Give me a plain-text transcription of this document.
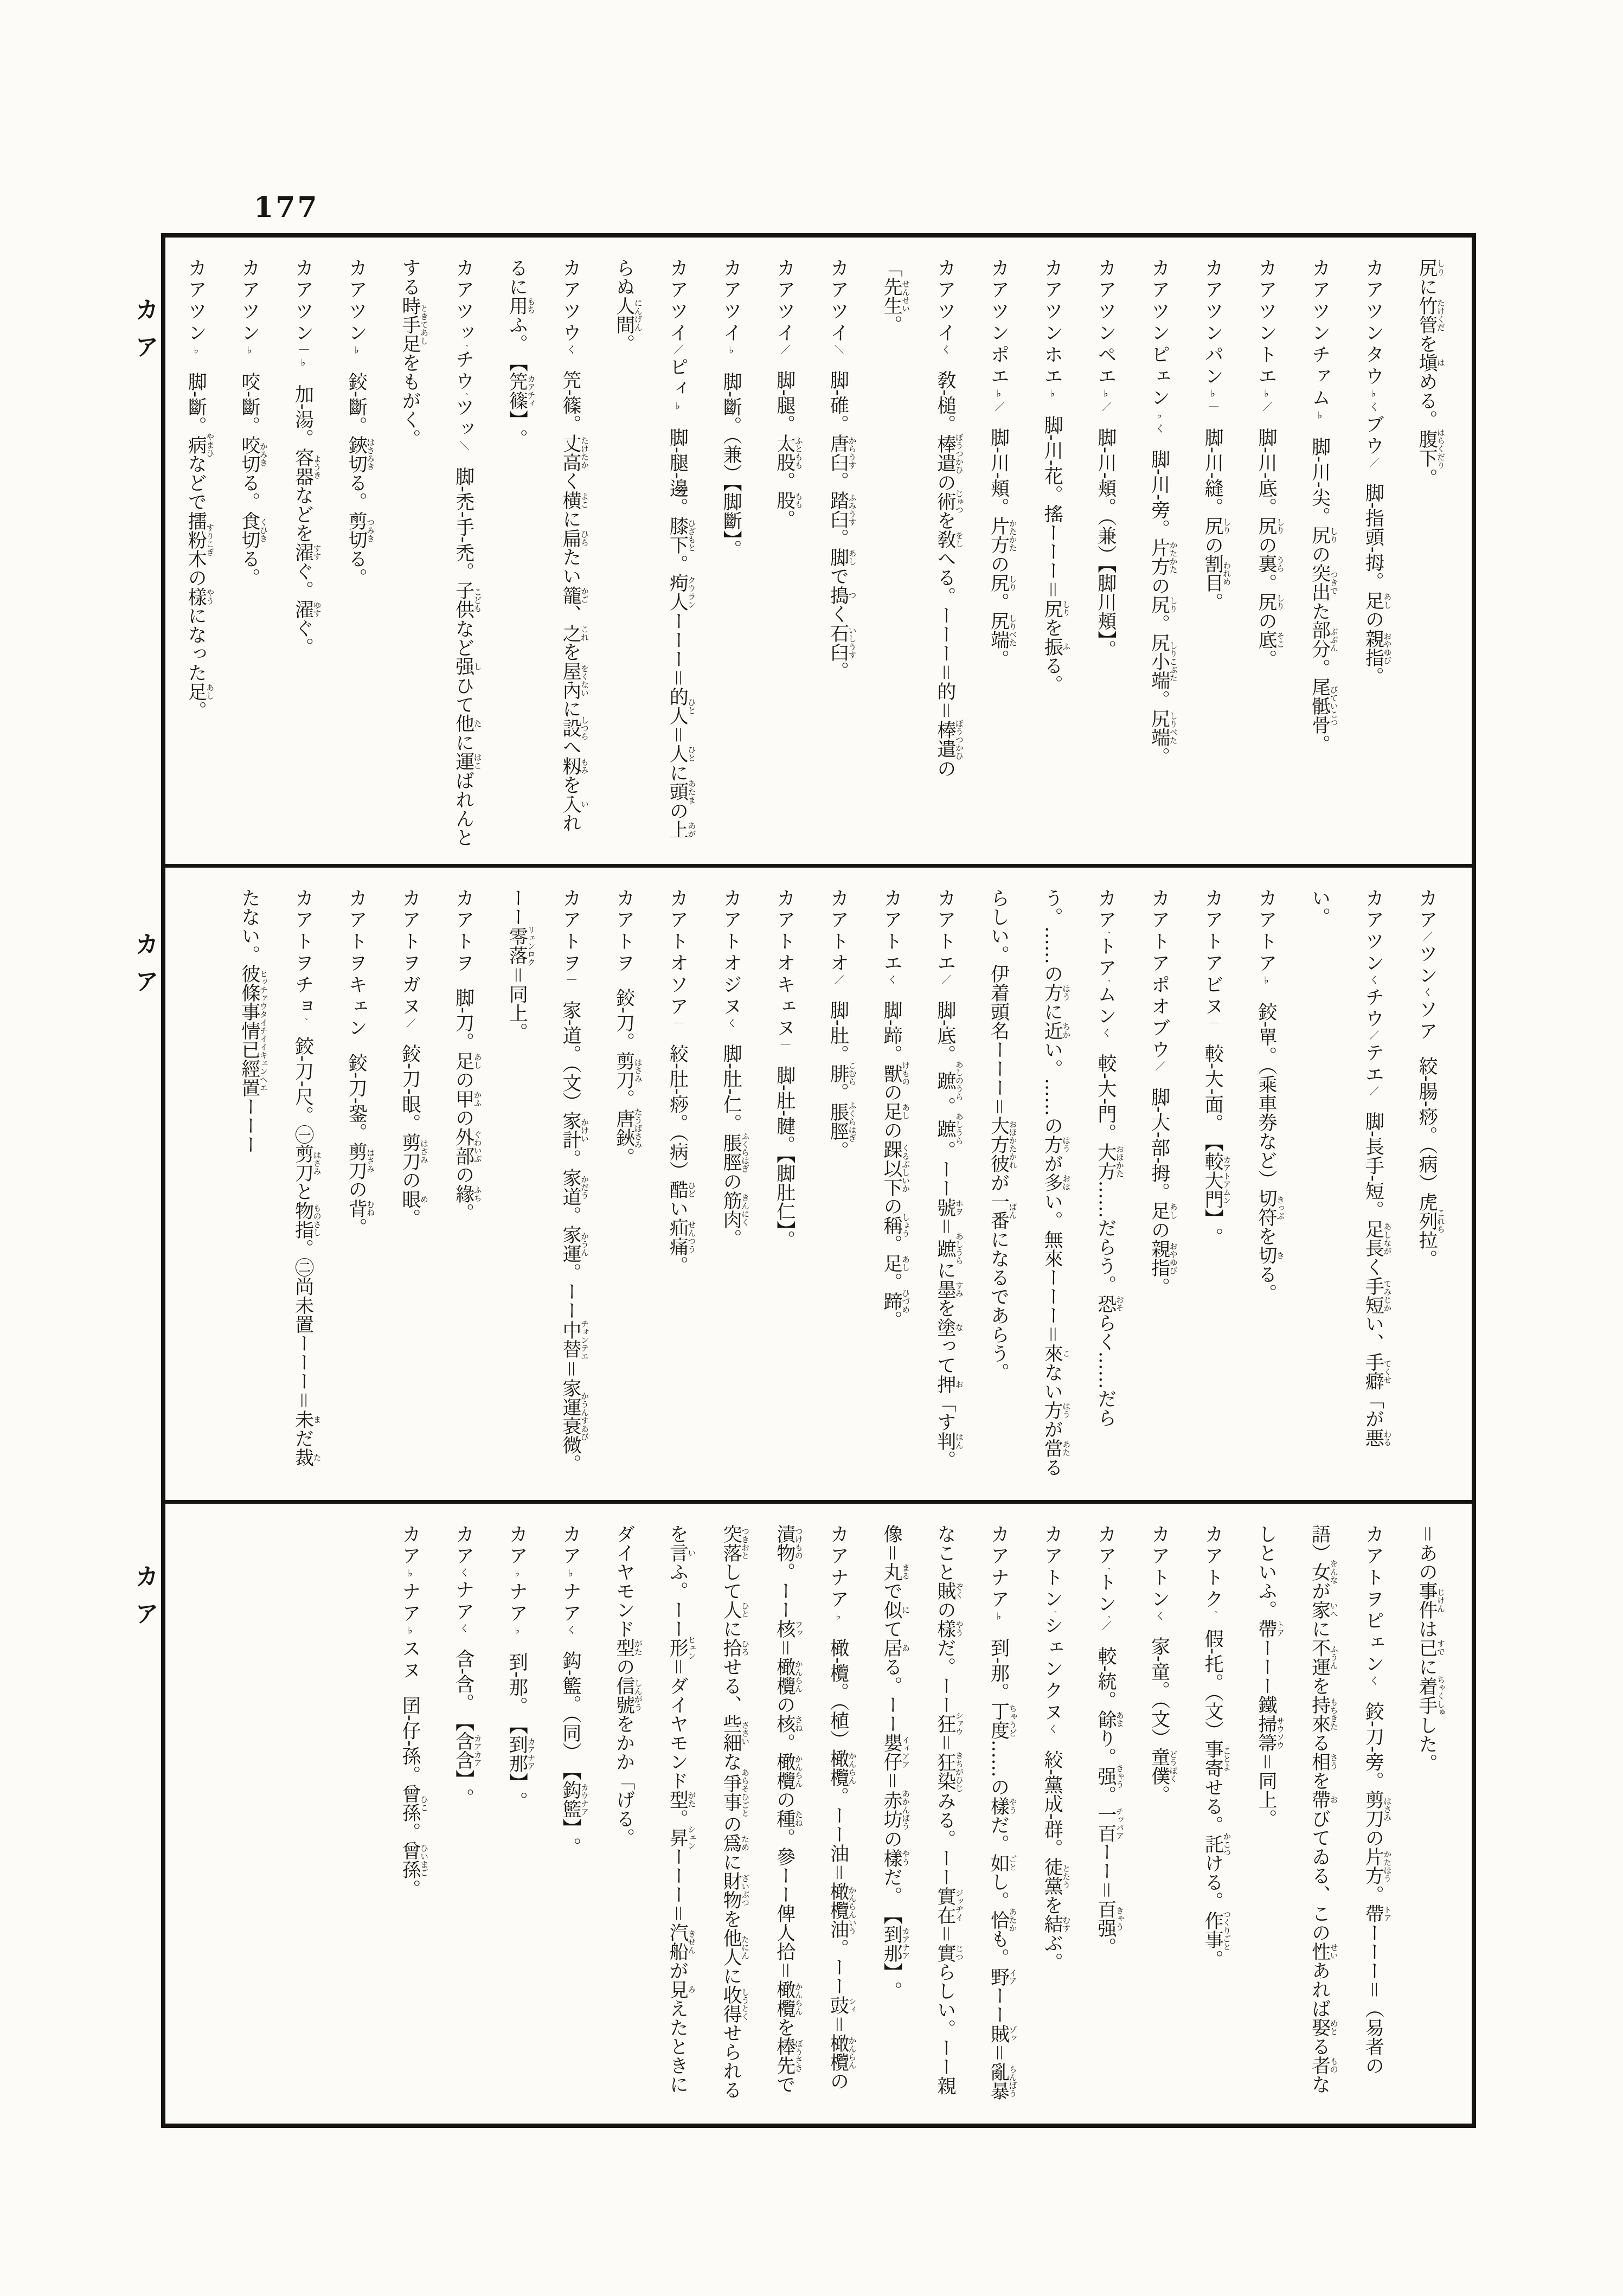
177
カア
カア
カア

尻しりに竹管たけくだを塡はめる。腹下はらくだり。

カアツンタウ♭くブウ／脚-指頭-拇。足あしの親指おやゆび。

カアツンチァム♭脚-川-尖。尻しりの突出つきでた部分ぶぶん。尾骶骨びていこつ。

カアツントエ♭／脚-川-底。尻しりの裏うら。尻しりの底そこ。

カアツンパン♭｜脚-川-縫。尻しりの割目われめ。

カアツンピェン♭く脚-川-旁。片方かたかたの尻しり。尻小端しりこぶた。尻端しりべた。

カアツンペエ♭／脚-川-頬。（兼）【脚川頬】。

カアツンホエ♭脚-川-花。搖ーーー＝尻しりを振ふる。

カアツンポエ♭／脚-川-頬。片方かたかたの尻しり。尻端しりべた。

カアツイく敎-槌。棒遣ぼうつかひの術じゅつを敎をしへる。ーーー＝的＝棒遣ぼうつかひの「先生せんせい。

カアツイ＼脚-碓。唐臼からうす。踏臼ふみうす。脚あしで搗つく石臼いしうす。

カアツイ／脚-腿。太股ふともも。股もも。

カアツイ♭脚-斷。（兼）【脚斷】。

カアツイ／ピィ♭脚-腿-邊。膝下ひざもと。痀人クウランーーー＝的人ひと＝人ひとに頭あたまの上あがらぬ人間にんげん。

カアツウく笐-篠。丈高たけたかく横よこに扁ひらたい籠かご、之これを屋內をくないに設しつらへ籾もみを入いれるに用もちふ。【笐篠】カアチィ。

カアツッ′チウ′ツッ＼脚-禿-手-禿。子供こどもなど强しひて他たに運はこばれんとする時手足ときてあしをもがく。

カアツン♭鉸-斷。鋏切はさみきる。剪切つみきる。

カアツン｜♭加-湯。容器ようきなどを濯すすぐ。濯ゆすぐ。

カアツン♭咬-斷。咬切かみきる。食切くひきる。

カアツン♭脚-斷。病やまひなどで擂粉木すりこぎの樣やうになった足あし。

カア／ツンくソア絞-腸-痧。（病）虎列拉これら。

カアツンくチウ／テエ／脚-長手-短。足長あしながく手短てみじかい、手癖てくせ「が悪わるい。

カアトア♭鉸-單。（乘車券など）切符きっぷを切きる。

カアトアビヌ｜較-大-面。【較大門】カアトアムン。

カアトアポオブウ／脚-大-部-拇。足あしの親指おやゆび。

カア′トア′ムンく較-大-門。大方おほかた……だらう。恐おそらく……だらう。……の方はうに近ちかい。……の方はうが多おほい。無來ーーー＝來こない方はうが當あたるらしい。伊着頭名ーーー＝大方彼おほかたかれが一番ばんになるであらう。

カアトエ／脚-底。蹠あしのうら。蹠あしうら。ーー號ホヲ＝蹠あしうらに墨すみを塗なって押お「す判はん。

カアトエく脚-蹄。獸けものの足あしの踝以下くるぶしいかの稱しょう。足あし。蹄ひづめ。

カアトオ／脚-肚。腓こむら。脹脛ふくらはぎ。

カアトオキェヌ｜脚-肚-腱。【脚肚仁】。

カアトオジヌく脚-肚-仁。脹脛ふくらはぎの筋肉きんにく。

カアトオソア｜絞-肚-痧。（病）酷ひどい疝痛せんつう。

カアトヲ鉸-刀。剪刀はさみ。唐鋏たうばさみ。

カアトヲ｜家-道。（文）家計かけい。家道かだう。家運かうん。ーー中替チォンテエ＝家運衰微かうんすゐび。ーー零落リェンロク＝同上。

カアトヲ脚-刀。足あしの甲かふの外部ぐわいぶの緣ふち。

カアトヲガヌ／鉸-刀-眼。剪刀はさみの眼め。

カアトヲキェン鉸-刀-銎。剪刀はさみの背むね。

カアトヲチョ′鉸-刀-尺。㊀剪刀はさみと物指ものさし。㊁尚未置ーーー＝未まだ裁たたない。彼條事情已經置ヒッチァウタイチイイキェンヘエーーー

＝あの事件じけんは已すでに着手ちゃくしゅした。

カアトヲピェンく鉸-刀-旁。剪刀はさみの片方かたほう。帶トアーーー＝（易者の語）女をんなが家いへに不運ふうんを持來もちきたる相さうを帶おびてゐる、この性せいあれば娶めとる者ものなしといふ。帶トアーーー鐵掃箒サウソウ＝同上。

カアトク′假-托。（文）事寄ことよせる。託かこつける。作事つくりごと。

カアトンく家-童。（文）童僕どうぼく。

カア′トン′／較-統。餘あまり。强きゃう。一百チッパアーー＝百强きゃう。

カアトン′シェンクヌく絞-黨成-群。徒黨とたうを結むすぶ。

カアナア♭到-那。丁度ちゃうど……の樣やうだ。如ごとし。恰あたかも。野イアーー賊ゾッ＝亂暴らんばうなこと賊ぞくの樣やうだ。ーー狂シァウ＝狂染きちがひじみる。ーー實在ジッヂイ＝實じつらしい。ーー親像＝丸まるで似にて居ゐる。ーー嬰仔イィアア＝赤坊あかんばうの樣やうだ。【到那】カアナア。

カアナア♭橄-欖。（植）橄欖かんらん。ーー油＝橄欖油かんらんいう。ーー豉シィ＝橄欖かんらんの漬物つけもの。ーー核フッ＝橄欖かんらんの核さね。橄欖かんらんの種たね。參ーー俾人拾＝橄欖かんらんを棒先ぼうさきで突落つきおとして人ひとに拾ひろせる、些細ささいな爭事あらそひごとの爲ために財物ざいぶつを他人たにんに收得しうとくせられるを言いふ。ーー形ヒェン＝ダイヤモンド型がた。昇シェンーーー＝汽船きせんが見みえたときにダイヤモンド型がたの信號しんがうをかか「げる。

カア♭ナアく鈎-籃。（同）【鈎籃】カウナア。

カア♭ナア♭到-那。【到那】カアナア。

カアくナアく含-含。【含含】カアカア。

カア♭ナア♭スヌ囝-仔-孫。曾孫ひこ。曾孫ひいまご。
